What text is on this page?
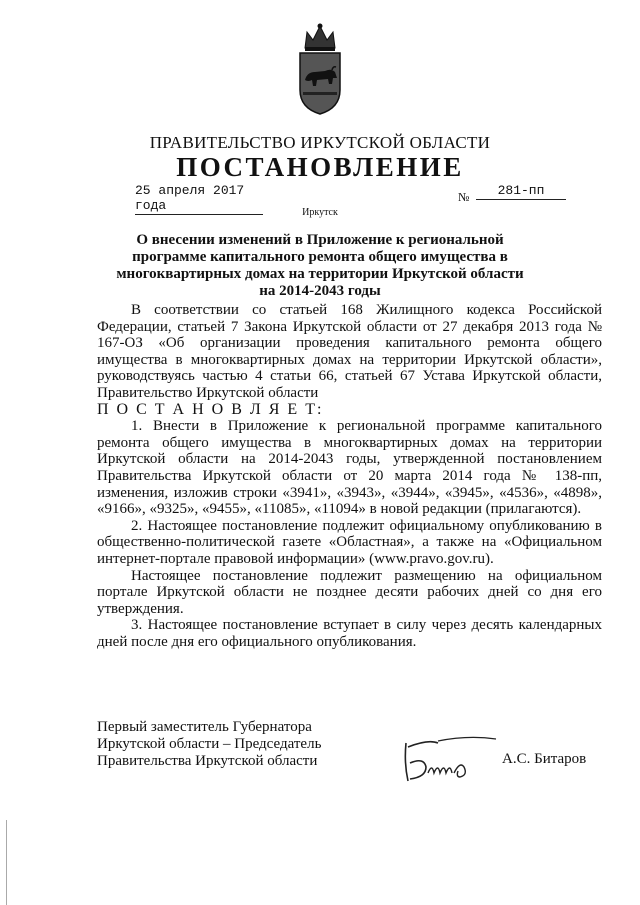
ПРАВИТЕЛЬСТВО ИРКУТСКОЙ ОБЛАСТИ
ПОСТАНОВЛЕНИЕ
25 апреля 2017 года
№	281-пп
Иркутск
О внесении изменений в Приложение к региональной программе капитального ремонта общего имущества в многоквартирных домах на территории Иркутской области на 2014-2043 годы

В соответствии со статьей 168 Жилищного кодекса Российской Федерации, статьей 7 Закона Иркутской области от 27 декабря 2013 года № 167-ОЗ «Об организации проведения капитального ремонта общего имущества в многоквартирных домах на территории Иркутской области», руководствуясь частью 4 статьи 66, статьей 67 Устава Иркутской области, Правительство Иркутской области

П О С Т А Н О В Л Я Е Т:

1. Внести в Приложение к региональной программе капитального ремонта общего имущества в многоквартирных домах на территории Иркутской области на 2014-2043 годы, утвержденной постановлением Правительства Иркутской области от 20 марта 2014 года № 138-пп, изменения, изложив строки «3941», «3943», «3944», «3945», «4536», «4898», «9166», «9325», «9455», «11085», «11094» в новой редакции (прилагаются).

2. Настоящее постановление подлежит официальному опубликованию в общественно-политической газете «Областная», а также на «Официальном интернет-портале правовой информации» (www.pravo.gov.ru).

Настоящее постановление подлежит размещению на официальном портале Иркутской области не позднее десяти рабочих дней со дня его утверждения.

3. Настоящее постановление вступает в силу через десять календарных дней после дня его официального опубликования.

Первый заместитель Губернатора
Иркутской области – Председатель
Правительства Иркутской области	А.С. Битаров
